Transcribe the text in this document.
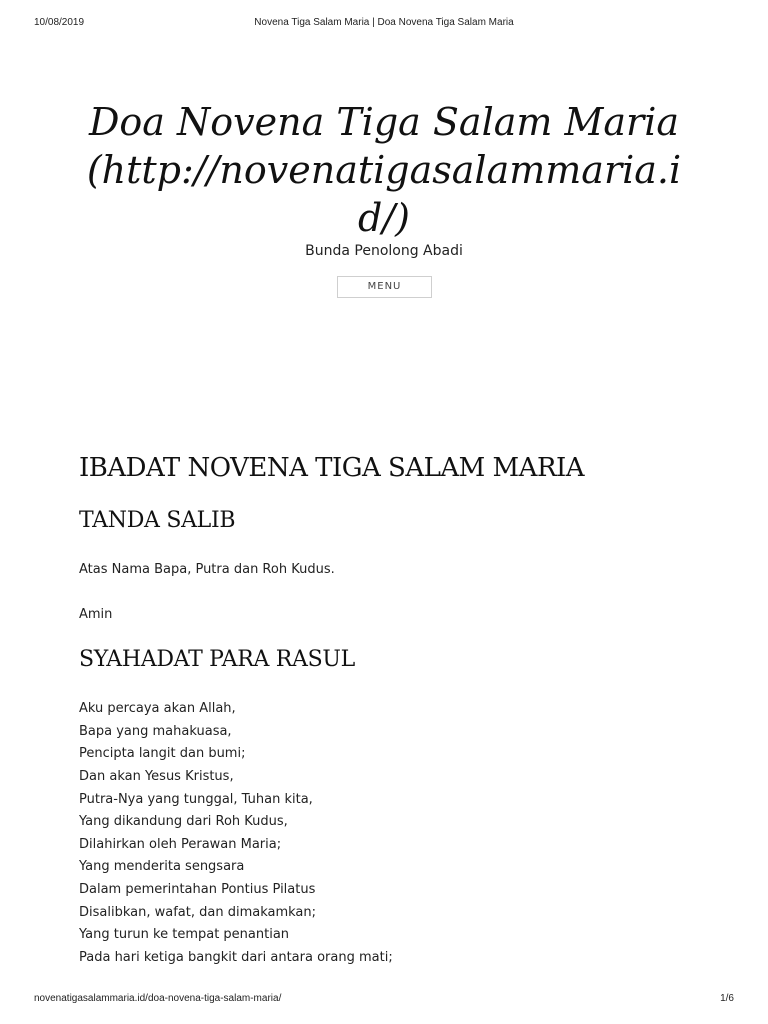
10/08/2019	Novena Tiga Salam Maria | Doa Novena Tiga Salam Maria
Doa Novena Tiga Salam Maria
(http://novenatigasalammaria.i
d/)
Bunda Penolong Abadi
MENU
IBADAT NOVENA TIGA SALAM MARIA
TANDA SALIB

Atas Nama Bapa, Putra dan Roh Kudus.

Amin

SYAHADAT PARA RASUL

Aku percaya akan Allah,
Bapa yang mahakuasa,
Pencipta langit dan bumi;
Dan akan Yesus Kristus,
Putra-Nya yang tunggal, Tuhan kita,
Yang dikandung dari Roh Kudus,
Dilahirkan oleh Perawan Maria;
Yang menderita sengsara
Dalam pemerintahan Pontius Pilatus
Disalibkan, wafat, dan dimakamkan;
Yang turun ke tempat penantian
Pada hari ketiga bangkit dari antara orang mati;

novenatigasalammaria.id/doa-novena-tiga-salam-maria/	1/6
